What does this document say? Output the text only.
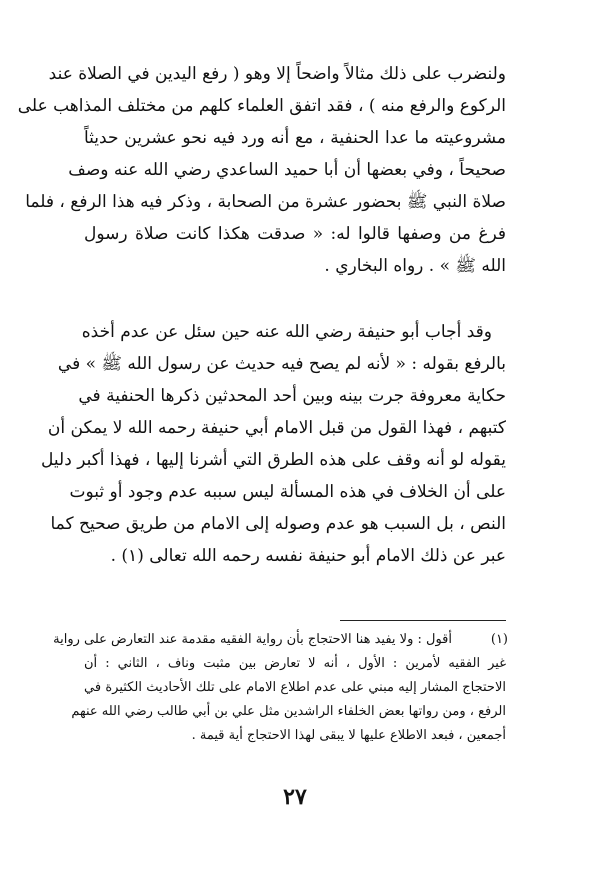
ولنضرب على ذلك مثالاً واضحاً إلا وهو ( رفع اليدين في الصلاة عند
الركوع والرفع منه ) ، فقد اتفق العلماء كلهم من مختلف المذاهب على
مشروعيته ما عدا الحنفية ، مع أنه ورد فيه نحو عشرين حديثاً
صحيحاً ، وفي بعضها أن أبا حميد الساعدي رضي الله عنه وصف
صلاة النبي ﷺ بحضور عشرة من الصحابة ، وذكر فيه هذا الرفع ، فلما
فرغ من وصفها قالوا له: « صدقت هكذا كانت صلاة رسول
الله ﷺ » . رواه البخاري .
وقد أجاب أبو حنيفة رضي الله عنه حين سئل عن عدم أخذه
بالرفع بقوله : « لأنه لم يصح فيه حديث عن رسول الله ﷺ » في
حكاية معروفة جرت بينه وبين أحد المحدثين ذكرها الحنفية في
كتبهم ، فهذا القول من قبل الامام أبي حنيفة رحمه الله لا يمكن أن
يقوله لو أنه وقف على هذه الطرق التي أشرنا إليها ، فهذا أكبر دليل
على أن الخلاف في هذه المسألة ليس سببه عدم وجود أو ثبوت
النص ، بل السبب هو عدم وصوله إلى الامام من طريق صحيح كما
عبر عن ذلك الامام أبو حنيفة نفسه رحمه الله تعالى (١) .
(١)
أقول : ولا يفيد هنا الاحتجاج بأن رواية الفقيه مقدمة عند التعارض على رواية
غير الفقيه لأمرين : الأول ، أنه لا تعارض بين مثبت وناف ، الثاني : أن
الاحتجاج المشار إليه مبني على عدم اطلاع الامام على تلك الأحاديث الكثيرة في
الرفع ، ومن رواتها بعض الخلفاء الراشدين مثل علي بن أبي طالب رضي الله عنهم
أجمعين ، فبعد الاطلاع عليها لا يبقى لهذا الاحتجاج أية قيمة .
٢٧
